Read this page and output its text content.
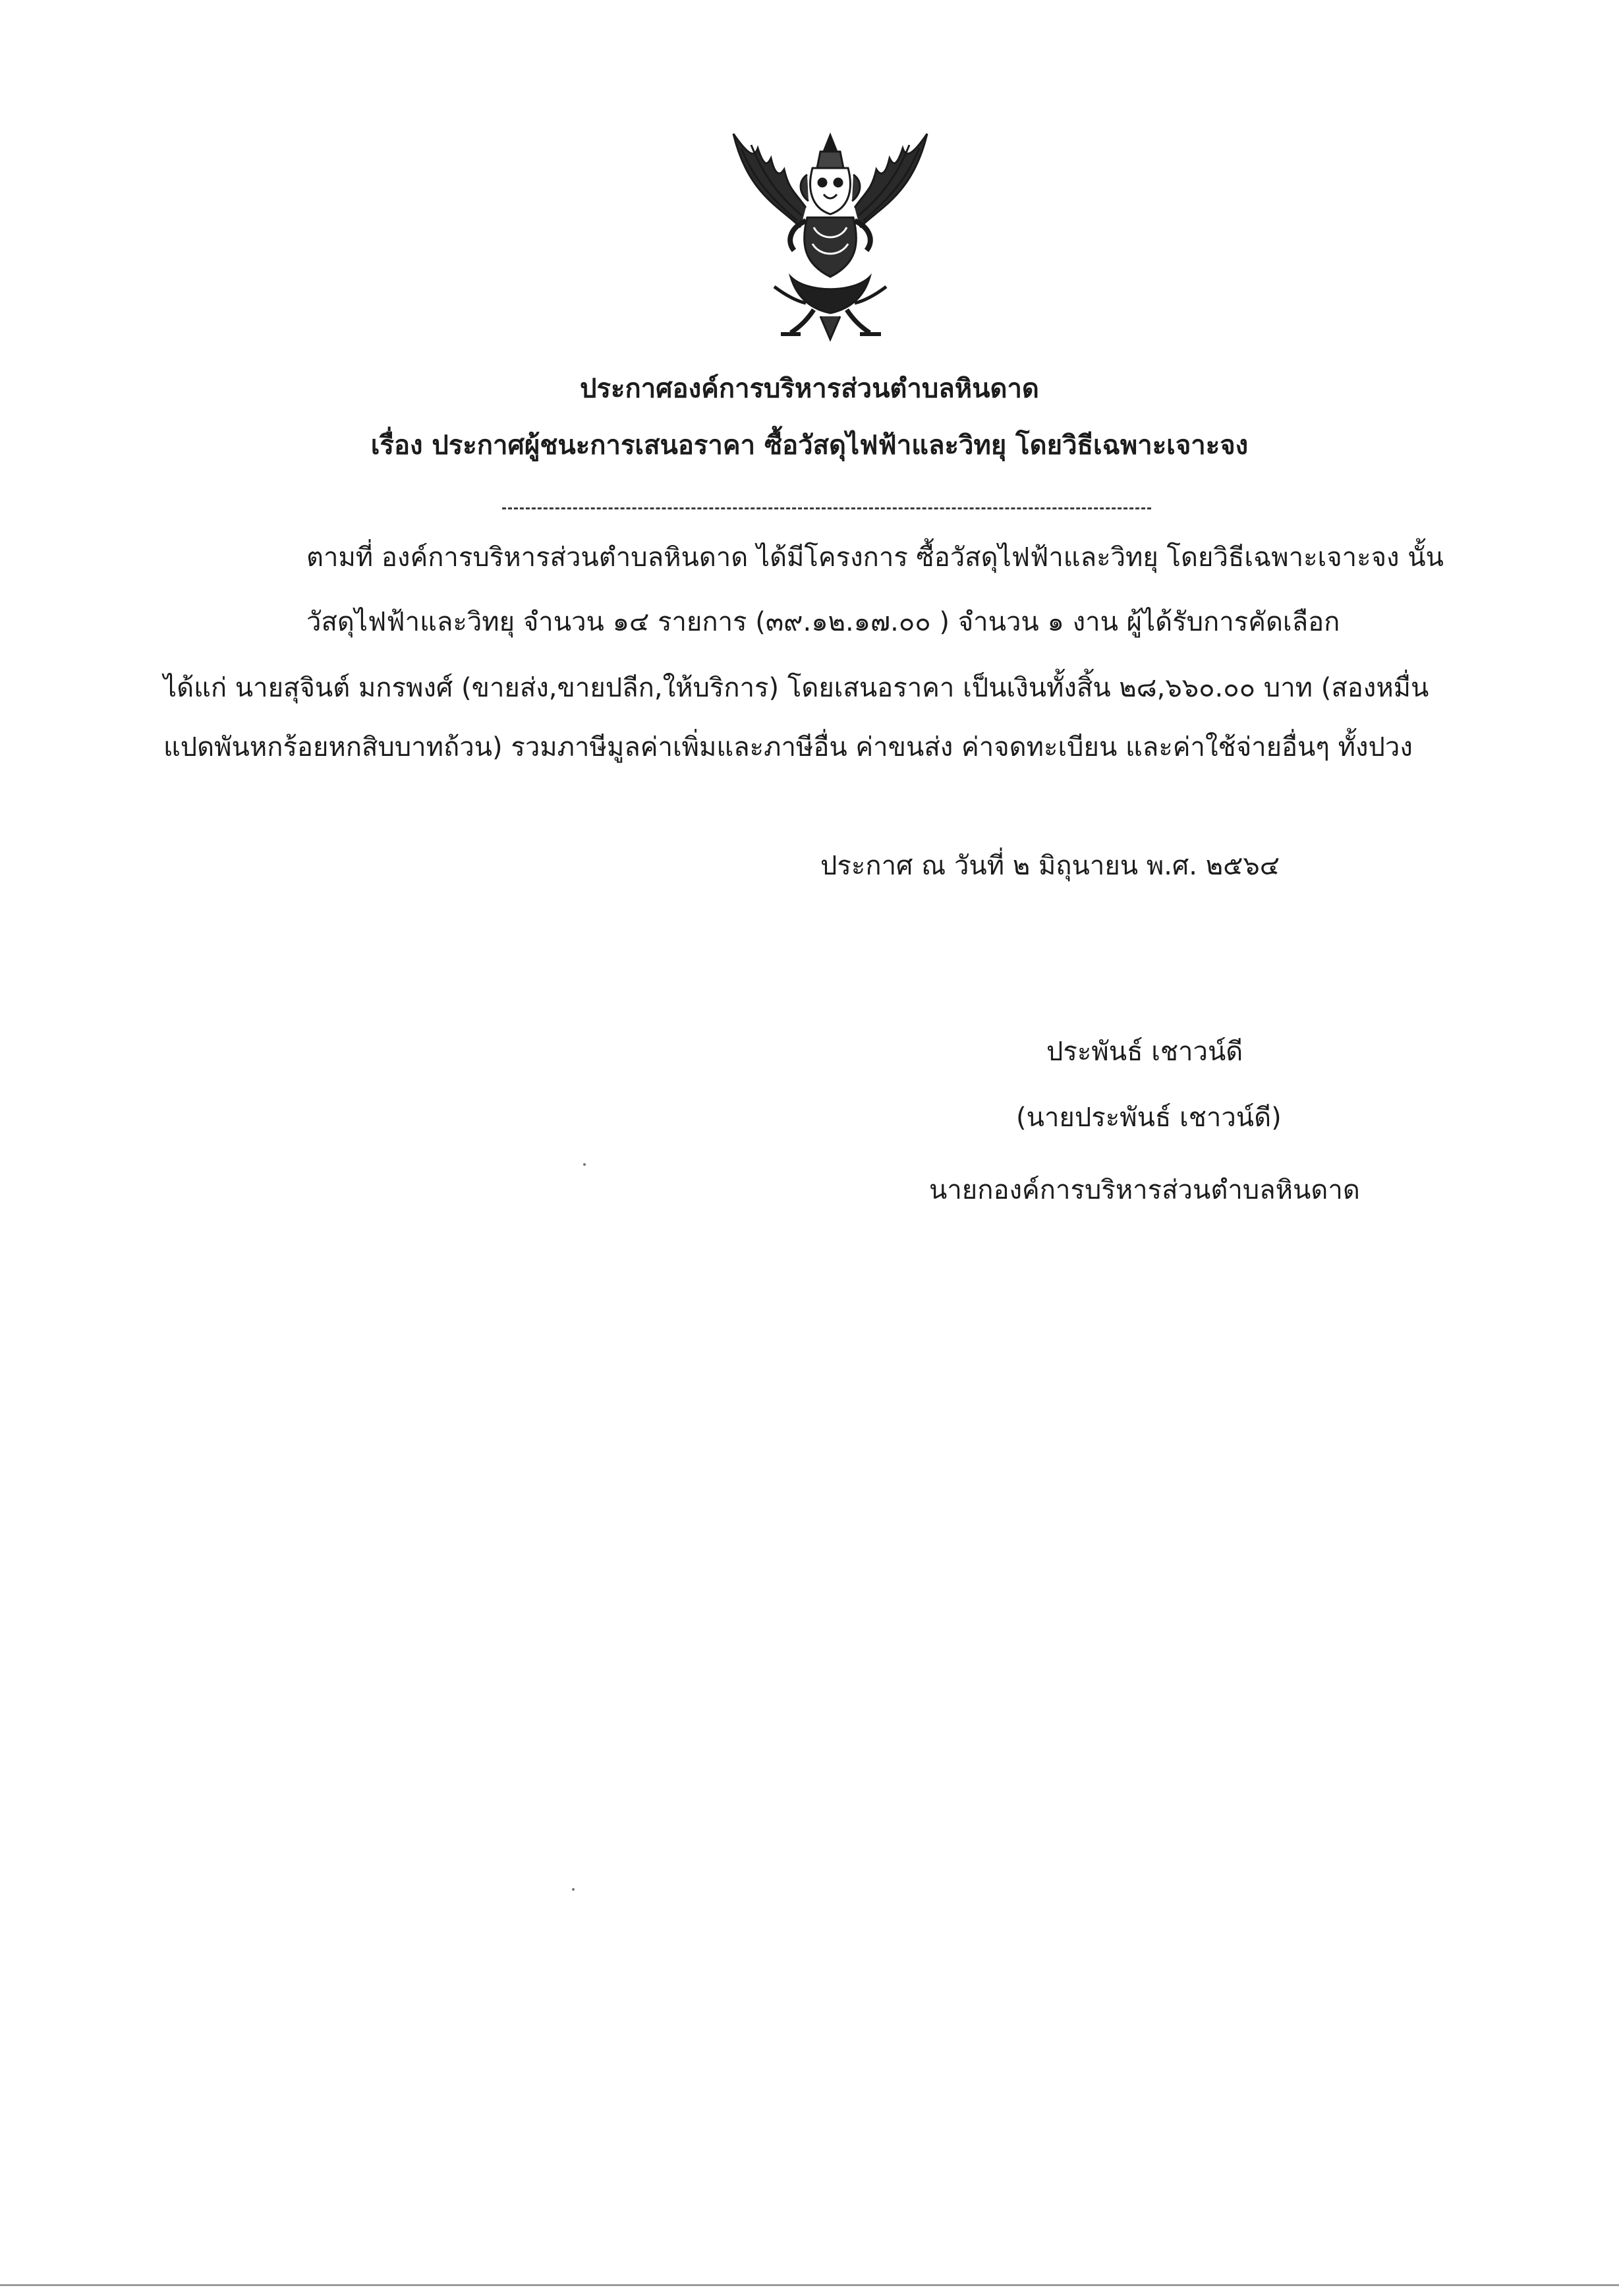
ประกาศองค์การบริหารส่วนตำบลหินดาด
เรื่อง ประกาศผู้ชนะการเสนอราคา ซื้อวัสดุไฟฟ้าและวิทยุ โดยวิธีเฉพาะเจาะจง
ตามที่ องค์การบริหารส่วนตำบลหินดาด ได้มีโครงการ ซื้อวัสดุไฟฟ้าและวิทยุ โดยวิธีเฉพาะเจาะจง นั้น
วัสดุไฟฟ้าและวิทยุ จำนวน ๑๔ รายการ (๓๙.๑๒.๑๗.๐๐ ) จำนวน ๑ งาน ผู้ได้รับการคัดเลือก
ได้แก่ นายสุจินต์ มกรพงศ์ (ขายส่ง,ขายปลีก,ให้บริการ) โดยเสนอราคา เป็นเงินทั้งสิ้น ๒๘,๖๖๐.๐๐ บาท (สองหมื่น
แปดพันหกร้อยหกสิบบาทถ้วน) รวมภาษีมูลค่าเพิ่มและภาษีอื่น ค่าขนส่ง ค่าจดทะเบียน และค่าใช้จ่ายอื่นๆ ทั้งปวง
ประกาศ ณ วันที่ ๒ มิถุนายน พ.ศ. ๒๕๖๔
ประพันธ์ เชาวน์ดี
(นายประพันธ์ เชาวน์ดี)
นายกองค์การบริหารส่วนตำบลหินดาด
